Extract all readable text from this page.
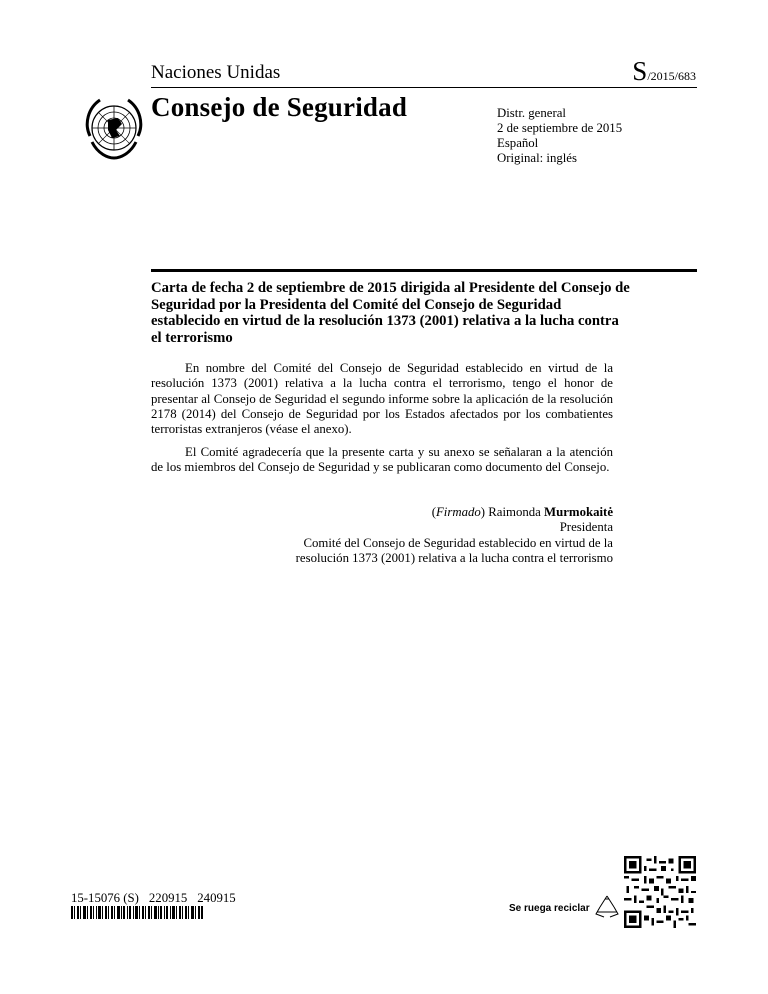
Naciones Unidas	S/2015/683
Consejo de Seguridad	Distr. general
2 de septiembre de 2015
Español
Original: inglés
Carta de fecha 2 de septiembre de 2015 dirigida al Presidente del Consejo de Seguridad por la Presidenta del Comité del Consejo de Seguridad establecido en virtud de la resolución 1373 (2001) relativa a la lucha contra el terrorismo
En nombre del Comité del Consejo de Seguridad establecido en virtud de la resolución 1373 (2001) relativa a la lucha contra el terrorismo, tengo el honor de presentar al Consejo de Seguridad el segundo informe sobre la aplicación de la resolución 2178 (2014) del Consejo de Seguridad por los Estados afectados por los combatientes terroristas extranjeros (véase el anexo).
El Comité agradecería que la presente carta y su anexo se señalaran a la atención de los miembros del Consejo de Seguridad y se publicaran como documento del Consejo.
(Firmado) Raimonda Murmokaitė
Presidenta
Comité del Consejo de Seguridad establecido en virtud de la
resolución 1373 (2001) relativa a la lucha contra el terrorismo
15-15076 (S) 220915 240915
Se ruega reciclar
